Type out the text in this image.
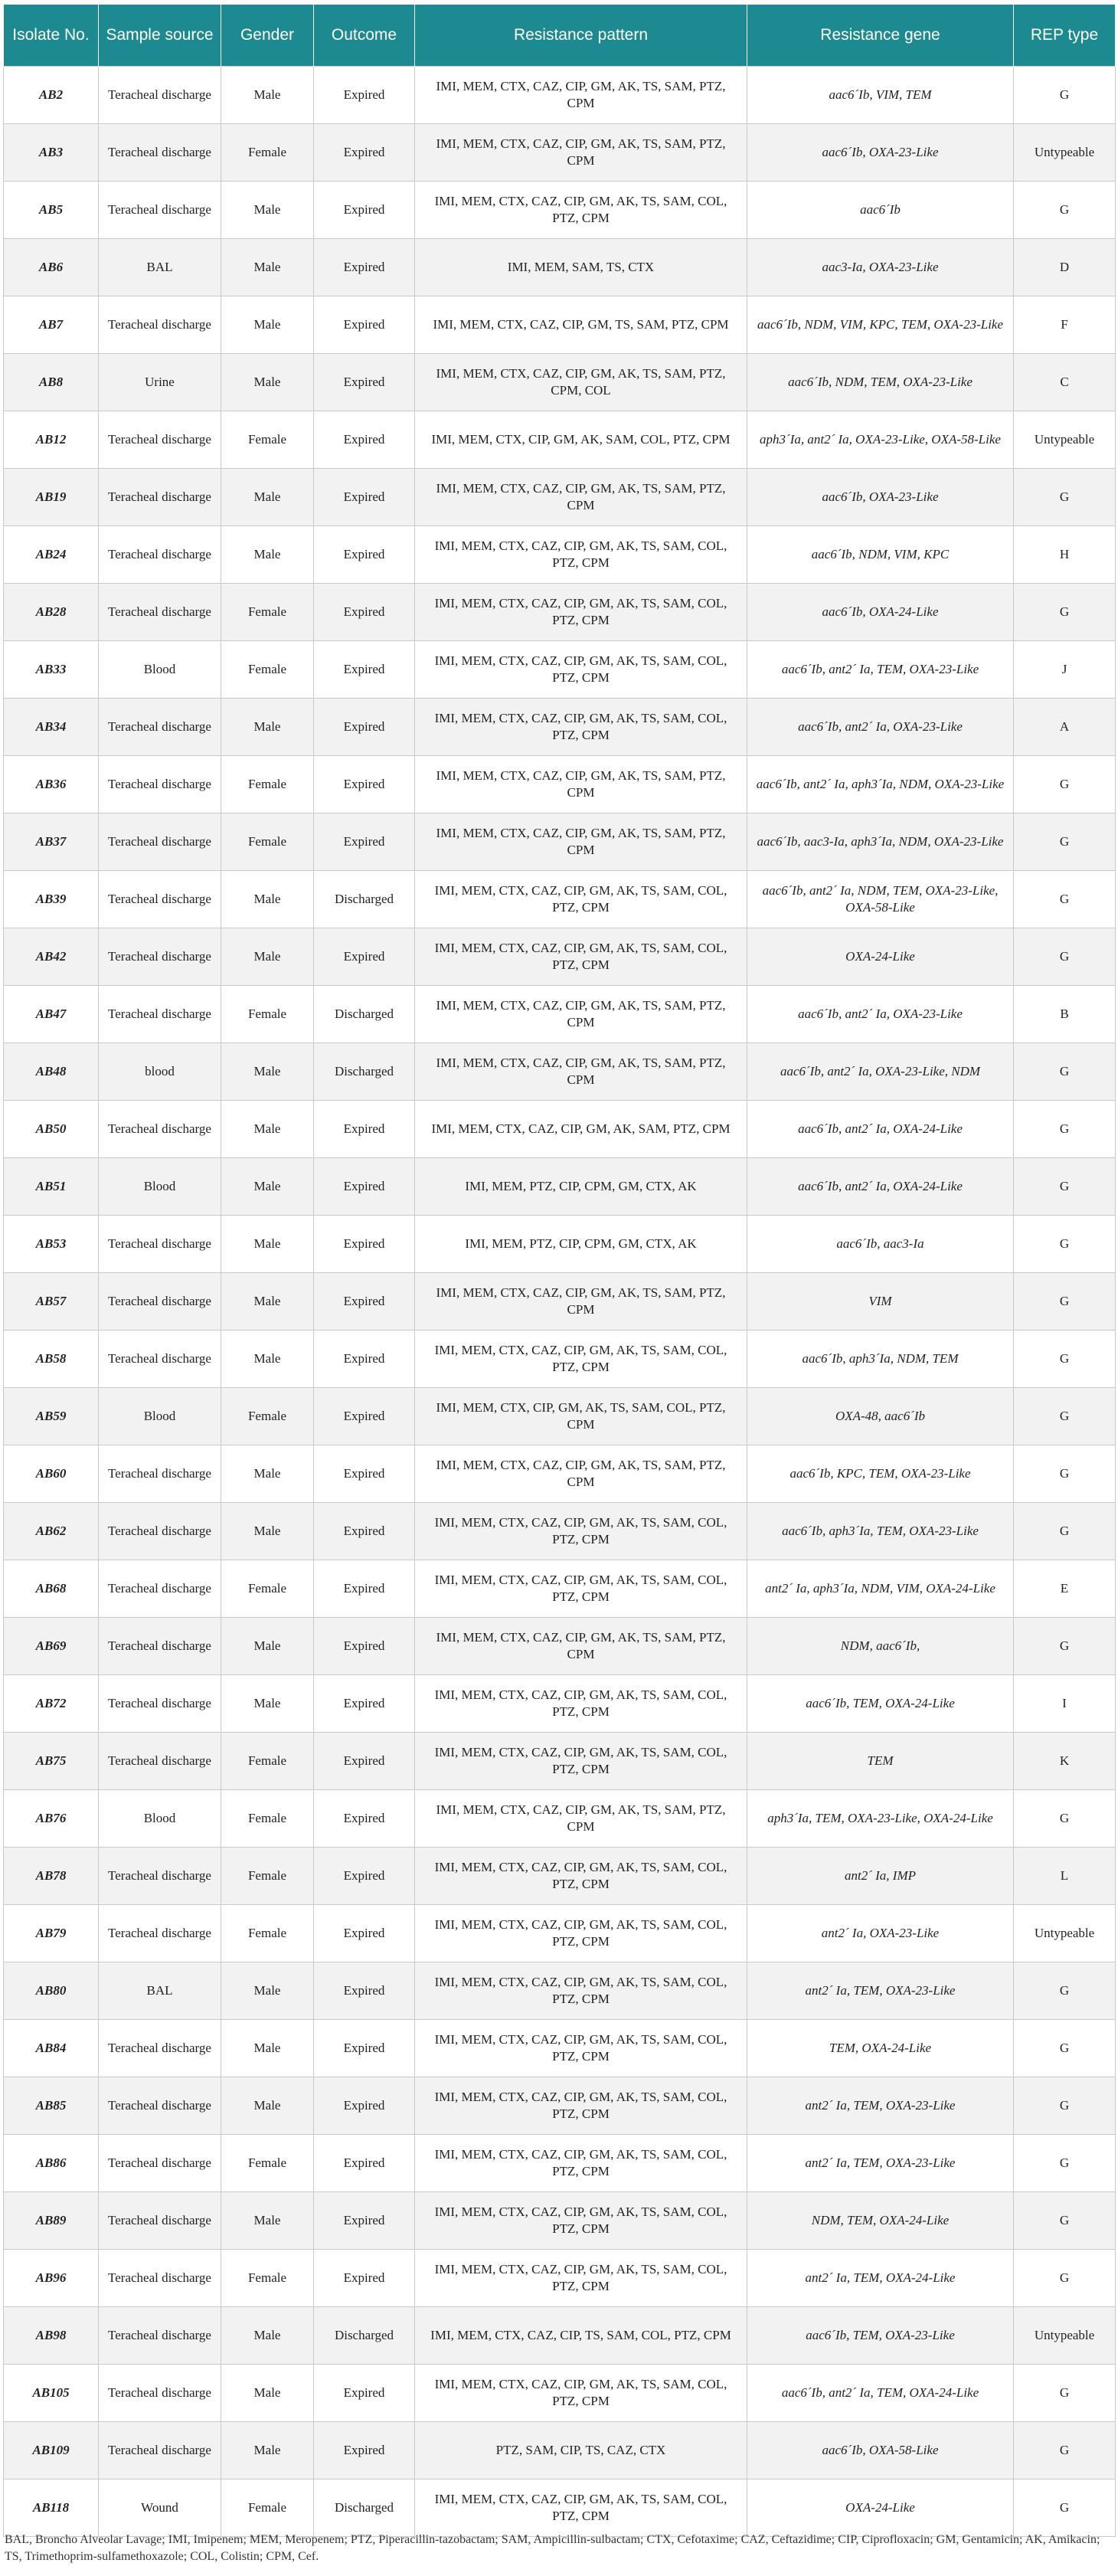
Isolate No.	Sample source	Gender	Outcome	Resistance pattern	Resistance gene	REP type
AB2	Teracheal discharge	Male	Expired	IMI, MEM, CTX, CAZ, CIP, GM, AK, TS, SAM, PTZ, CPM	aac6´Ib, VIM, TEM	G
AB3	Teracheal discharge	Female	Expired	IMI, MEM, CTX, CAZ, CIP, GM, AK, TS, SAM, PTZ, CPM	aac6´Ib, OXA-23-Like	Untypeable
AB5	Teracheal discharge	Male	Expired	IMI, MEM, CTX, CAZ, CIP, GM, AK, TS, SAM, COL, PTZ, CPM	aac6´Ib	G
AB6	BAL	Male	Expired	IMI, MEM, SAM, TS, CTX	aac3-Ia, OXA-23-Like	D
AB7	Teracheal discharge	Male	Expired	IMI, MEM, CTX, CAZ, CIP, GM, TS, SAM, PTZ, CPM	aac6´Ib, NDM, VIM, KPC, TEM, OXA-23-Like	F
AB8	Urine	Male	Expired	IMI, MEM, CTX, CAZ, CIP, GM, AK, TS, SAM, PTZ, CPM, COL	aac6´Ib, NDM, TEM, OXA-23-Like	C
AB12	Teracheal discharge	Female	Expired	IMI, MEM, CTX, CIP, GM, AK, SAM, COL, PTZ, CPM	aph3´Ia, ant2´ Ia, OXA-23-Like, OXA-58-Like	Untypeable
AB19	Teracheal discharge	Male	Expired	IMI, MEM, CTX, CAZ, CIP, GM, AK, TS, SAM, PTZ, CPM	aac6´Ib, OXA-23-Like	G
AB24	Teracheal discharge	Male	Expired	IMI, MEM, CTX, CAZ, CIP, GM, AK, TS, SAM, COL, PTZ, CPM	aac6´Ib, NDM, VIM, KPC	H
AB28	Teracheal discharge	Female	Expired	IMI, MEM, CTX, CAZ, CIP, GM, AK, TS, SAM, COL, PTZ, CPM	aac6´Ib, OXA-24-Like	G
AB33	Blood	Female	Expired	IMI, MEM, CTX, CAZ, CIP, GM, AK, TS, SAM, COL, PTZ, CPM	aac6´Ib, ant2´ Ia, TEM, OXA-23-Like	J
AB34	Teracheal discharge	Male	Expired	IMI, MEM, CTX, CAZ, CIP, GM, AK, TS, SAM, COL, PTZ, CPM	aac6´Ib, ant2´ Ia, OXA-23-Like	A
AB36	Teracheal discharge	Female	Expired	IMI, MEM, CTX, CAZ, CIP, GM, AK, TS, SAM, PTZ, CPM	aac6´Ib, ant2´ Ia, aph3´Ia, NDM, OXA-23-Like	G
AB37	Teracheal discharge	Female	Expired	IMI, MEM, CTX, CAZ, CIP, GM, AK, TS, SAM, PTZ, CPM	aac6´Ib, aac3-Ia, aph3´Ia, NDM, OXA-23-Like	G
AB39	Teracheal discharge	Male	Discharged	IMI, MEM, CTX, CAZ, CIP, GM, AK, TS, SAM, COL, PTZ, CPM	aac6´Ib, ant2´ Ia, NDM, TEM, OXA-23-Like, OXA-58-Like	G
AB42	Teracheal discharge	Male	Expired	IMI, MEM, CTX, CAZ, CIP, GM, AK, TS, SAM, COL, PTZ, CPM	OXA-24-Like	G
AB47	Teracheal discharge	Female	Discharged	IMI, MEM, CTX, CAZ, CIP, GM, AK, TS, SAM, PTZ, CPM	aac6´Ib, ant2´ Ia, OXA-23-Like	B
AB48	blood	Male	Discharged	IMI, MEM, CTX, CAZ, CIP, GM, AK, TS, SAM, PTZ, CPM	aac6´Ib, ant2´ Ia, OXA-23-Like, NDM	G
AB50	Teracheal discharge	Male	Expired	IMI, MEM, CTX, CAZ, CIP, GM, AK, SAM, PTZ, CPM	aac6´Ib, ant2´ Ia, OXA-24-Like	G
AB51	Blood	Male	Expired	IMI, MEM, PTZ, CIP, CPM, GM, CTX, AK	aac6´Ib, ant2´ Ia, OXA-24-Like	G
AB53	Teracheal discharge	Male	Expired	IMI, MEM, PTZ, CIP, CPM, GM, CTX, AK	aac6´Ib, aac3-Ia	G
AB57	Teracheal discharge	Male	Expired	IMI, MEM, CTX, CAZ, CIP, GM, AK, TS, SAM, PTZ, CPM	VIM	G
AB58	Teracheal discharge	Male	Expired	IMI, MEM, CTX, CAZ, CIP, GM, AK, TS, SAM, COL, PTZ, CPM	aac6´Ib, aph3´Ia, NDM, TEM	G
AB59	Blood	Female	Expired	IMI, MEM, CTX, CIP, GM, AK, TS, SAM, COL, PTZ, CPM	OXA-48, aac6´Ib	G
AB60	Teracheal discharge	Male	Expired	IMI, MEM, CTX, CAZ, CIP, GM, AK, TS, SAM, PTZ, CPM	aac6´Ib, KPC, TEM, OXA-23-Like	G
AB62	Teracheal discharge	Male	Expired	IMI, MEM, CTX, CAZ, CIP, GM, AK, TS, SAM, COL, PTZ, CPM	aac6´Ib, aph3´Ia, TEM, OXA-23-Like	G
AB68	Teracheal discharge	Female	Expired	IMI, MEM, CTX, CAZ, CIP, GM, AK, TS, SAM, COL, PTZ, CPM	ant2´ Ia, aph3´Ia, NDM, VIM, OXA-24-Like	E
AB69	Teracheal discharge	Male	Expired	IMI, MEM, CTX, CAZ, CIP, GM, AK, TS, SAM, PTZ, CPM	NDM, aac6´Ib,	G
AB72	Teracheal discharge	Male	Expired	IMI, MEM, CTX, CAZ, CIP, GM, AK, TS, SAM, COL, PTZ, CPM	aac6´Ib, TEM, OXA-24-Like	I
AB75	Teracheal discharge	Female	Expired	IMI, MEM, CTX, CAZ, CIP, GM, AK, TS, SAM, COL, PTZ, CPM	TEM	K
AB76	Blood	Female	Expired	IMI, MEM, CTX, CAZ, CIP, GM, AK, TS, SAM, PTZ, CPM	aph3´Ia, TEM, OXA-23-Like, OXA-24-Like	G
AB78	Teracheal discharge	Female	Expired	IMI, MEM, CTX, CAZ, CIP, GM, AK, TS, SAM, COL, PTZ, CPM	ant2´ Ia, IMP	L
AB79	Teracheal discharge	Female	Expired	IMI, MEM, CTX, CAZ, CIP, GM, AK, TS, SAM, COL, PTZ, CPM	ant2´ Ia, OXA-23-Like	Untypeable
AB80	BAL	Male	Expired	IMI, MEM, CTX, CAZ, CIP, GM, AK, TS, SAM, COL, PTZ, CPM	ant2´ Ia, TEM, OXA-23-Like	G
AB84	Teracheal discharge	Male	Expired	IMI, MEM, CTX, CAZ, CIP, GM, AK, TS, SAM, COL, PTZ, CPM	TEM, OXA-24-Like	G
AB85	Teracheal discharge	Male	Expired	IMI, MEM, CTX, CAZ, CIP, GM, AK, TS, SAM, COL, PTZ, CPM	ant2´ Ia, TEM, OXA-23-Like	G
AB86	Teracheal discharge	Female	Expired	IMI, MEM, CTX, CAZ, CIP, GM, AK, TS, SAM, COL, PTZ, CPM	ant2´ Ia, TEM, OXA-23-Like	G
AB89	Teracheal discharge	Male	Expired	IMI, MEM, CTX, CAZ, CIP, GM, AK, TS, SAM, COL, PTZ, CPM	NDM, TEM, OXA-24-Like	G
AB96	Teracheal discharge	Female	Expired	IMI, MEM, CTX, CAZ, CIP, GM, AK, TS, SAM, COL, PTZ, CPM	ant2´ Ia, TEM, OXA-24-Like	G
AB98	Teracheal discharge	Male	Discharged	IMI, MEM, CTX, CAZ, CIP, TS, SAM, COL, PTZ, CPM	aac6´Ib, TEM, OXA-23-Like	Untypeable
AB105	Teracheal discharge	Male	Expired	IMI, MEM, CTX, CAZ, CIP, GM, AK, TS, SAM, COL, PTZ, CPM	aac6´Ib, ant2´ Ia, TEM, OXA-24-Like	G
AB109	Teracheal discharge	Male	Expired	PTZ, SAM, CIP, TS, CAZ, CTX	aac6´Ib, OXA-58-Like	G
AB118	Wound	Female	Discharged	IMI, MEM, CTX, CAZ, CIP, GM, AK, TS, SAM, COL, PTZ, CPM	OXA-24-Like	G
BAL, Broncho Alveolar Lavage; IMI, Imipenem; MEM, Meropenem; PTZ, Piperacillin-tazobactam; SAM, Ampicillin-sulbactam; CTX, Cefotaxime; CAZ, Ceftazidime; CIP, Ciprofloxacin; GM, Gentamicin; AK, Amikacin; TS, Trimethoprim-sulfamethoxazole; COL, Colistin; CPM, Cef.
